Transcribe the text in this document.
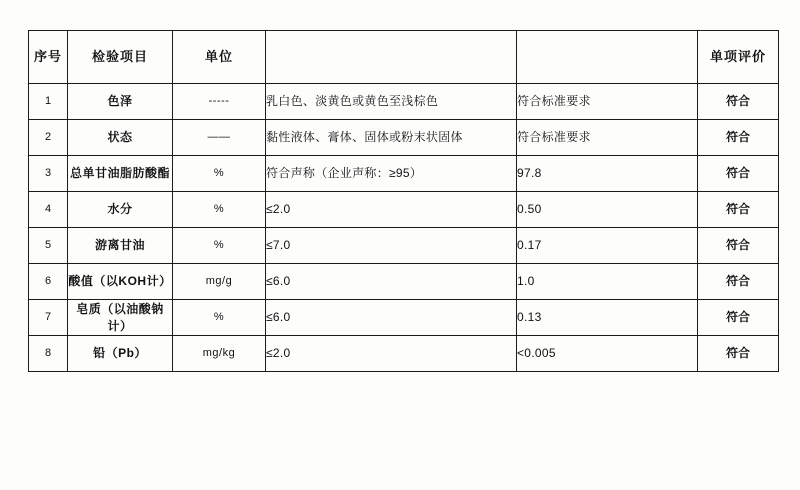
序号	检验项目	单位			单项评价
1	色泽	-----	乳白色、淡黄色或黄色至浅棕色	符合标准要求	符合
2	状态	——	黏性液体、膏体、固体或粉末状固体	符合标准要求	符合
3	总单甘油脂肪酸酯	%	符合声称（企业声称：≥95）	97.8	符合
4	水分	%	≤2.0	0.50	符合
5	游离甘油	%	≤7.0	0.17	符合
6	酸值（以KOH计）	mg/g	≤6.0	1.0	符合
7	皂质（以油酸钠计）	%	≤6.0	0.13	符合
8	铅（Pb）	mg/kg	≤2.0	<0.005	符合
